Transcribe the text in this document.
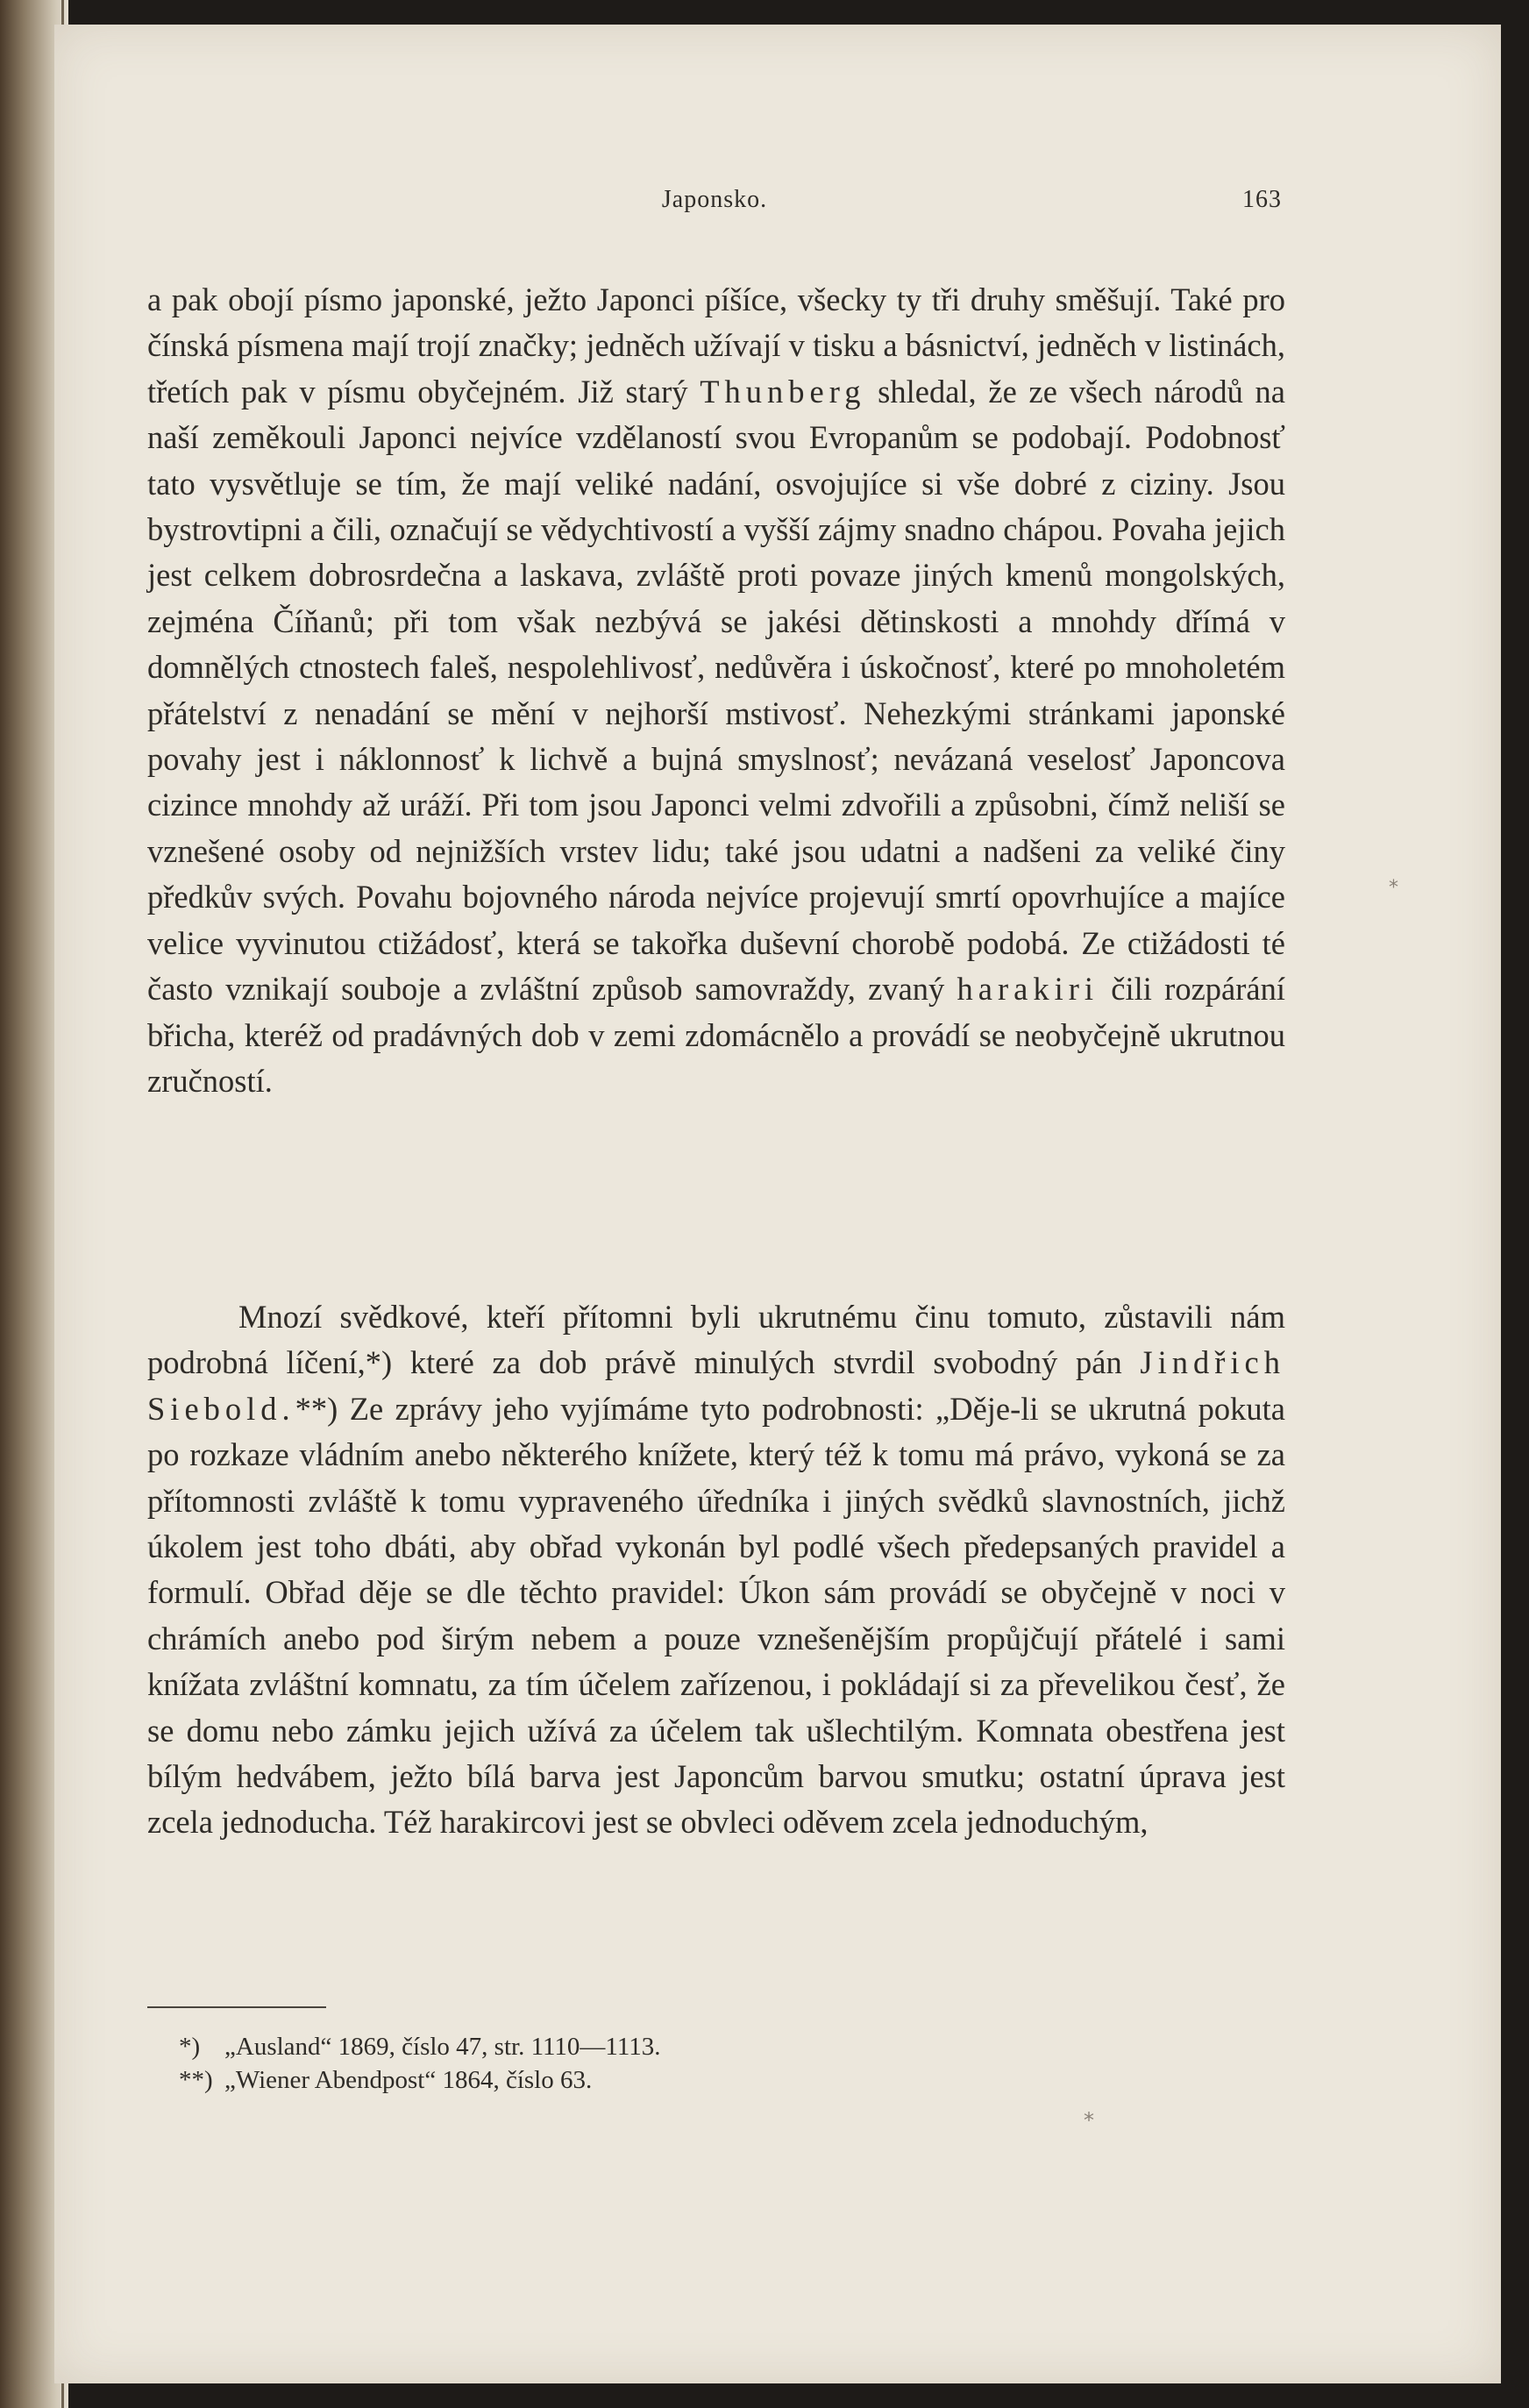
Japonsko.	163
a pak obojí písmo japonské, ježto Japonci píšíce, všecky ty tři druhy směšují. Také pro čínská písmena mají trojí značky; jedněch užívají v tisku a básnictví, jedněch v listinách, třetích pak v písmu obyčejném. Již starý Thunberg shledal, že ze všech národů na naší zeměkouli Japonci nejvíce vzdělaností svou Evropanům se podobají. Podobnosť tato vysvětluje se tím, že mají veliké nadání, osvojujíce si vše dobré z ciziny. Jsou bystrovtipni a čili, označují se vědychtivostí a vyšší zájmy snadno chápou. Povaha jejich jest celkem dobrosrdečna a laskava, zvláště proti povaze jiných kmenů mongolských, zejména Číňanů; při tom však nezbývá se jakési dětinskosti a mnohdy dřímá v domnělých ctnostech faleš, nespolehlivosť, nedůvěra i úskočnosť, které po mnoholetém přátelství z nenadání se mění v nejhorší mstivosť. Nehezkými stránkami japonské povahy jest i náklonnosť k lichvě a bujná smyslnosť; nevázaná veselosť Japoncova cizince mnohdy až uráží. Při tom jsou Japonci velmi zdvořili a způsobni, čímž neliší se vznešené osoby od nejnižších vrstev lidu; také jsou udatni a nadšeni za veliké činy předkův svých. Povahu bojovného národa nejvíce projevují smrtí opovrhujíce a majíce velice vyvinutou ctižádosť, která se takořka duševní chorobě podobá. Ze ctižádosti té často vznikají souboje a zvláštní způsob samovraždy, zvaný harakiri čili rozpárání břicha, kteréž od pradávných dob v zemi zdomácnělo a provádí se neobyčejně ukrutnou zručností.
Mnozí svědkové, kteří přítomni byli ukrutnému činu tomuto, zůstavili nám podrobná líčení,*) které za dob právě minulých stvrdil svobodný pán Jindřich Siebold.**) Ze zprávy jeho vyjímáme tyto podrobnosti: „Děje-li se ukrutná pokuta po rozkaze vládním anebo některého knížete, který též k tomu má právo, vykoná se za přítomnosti zvláště k tomu vypraveného úředníka i jiných svědků slavnostních, jichž úkolem jest toho dbáti, aby obřad vykonán byl podlé všech předepsaných pravidel a formulí. Obřad děje se dle těchto pravidel: Úkon sám provádí se obyčejně v noci v chrámích anebo pod širým nebem a pouze vznešenějším propůjčují přátelé i sami knížata zvláštní komnatu, za tím účelem zařízenou, i pokládají si za převelikou česť, že se domu nebo zámku jejich užívá za účelem tak ušlechtilým. Komnata obestřena jest bílým hedvábem, ježto bílá barva jest Japoncům barvou smutku; ostatní úprava jest zcela jednoducha. Též harakircovi jest se obvleci oděvem zcela jednoduchým,
*) „Ausland“ 1869, číslo 47, str. 1110—1113.
**) „Wiener Abendpost“ 1864, číslo 63.
*
*
